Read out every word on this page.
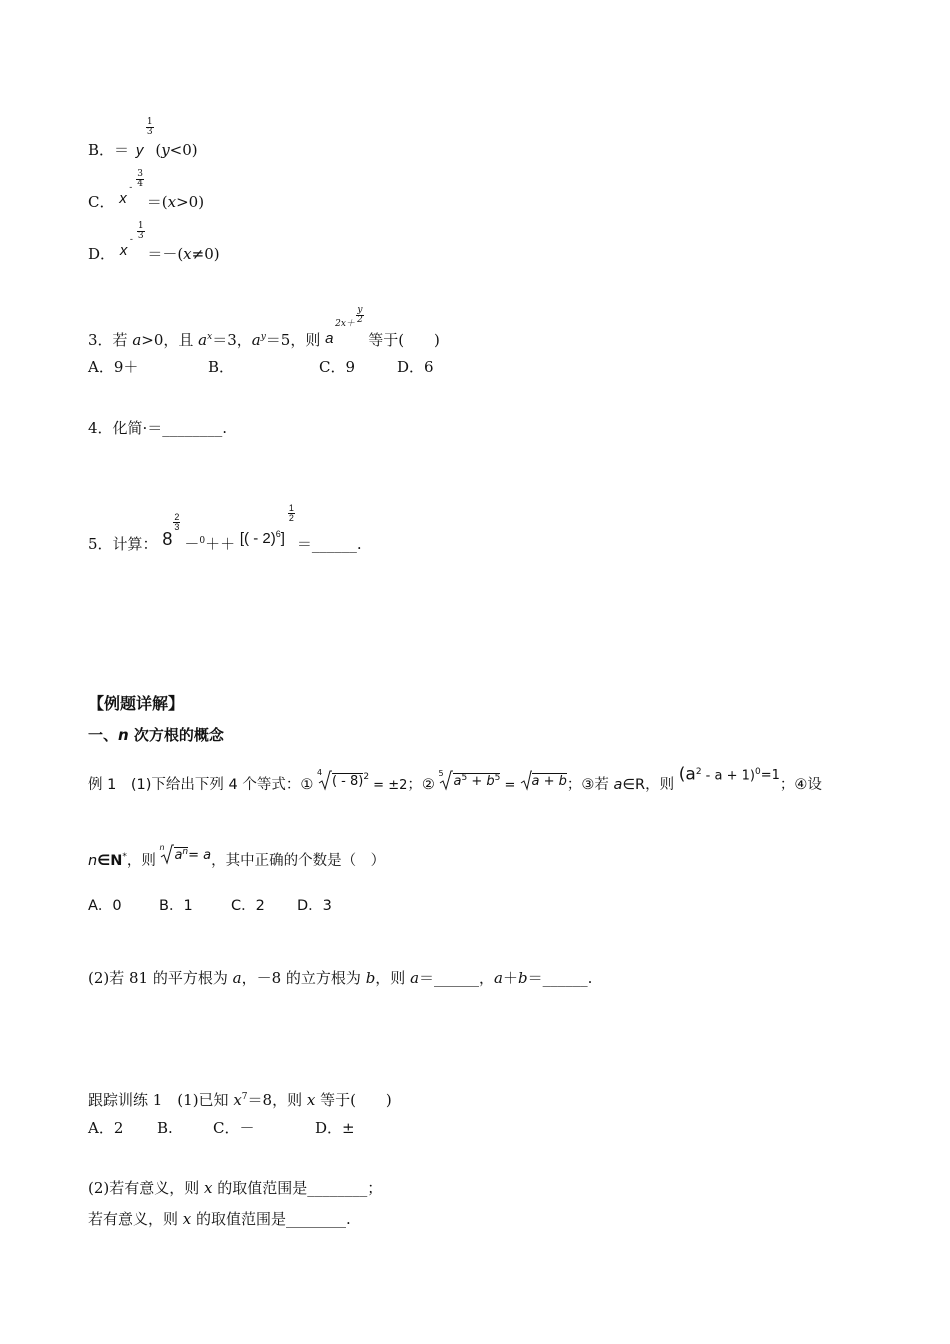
B．＝ y
$\frac{1}{3}$
(y<0)
C． x
- $\frac{3}{4}$
＝(x>0)
D． x
- $\frac{1}{3}$
＝－(x≠0)
3．若 a>0，且 $a^x=3$，$a^y=5$，则 a
$2x+ \frac{y}{2}$
等于(　　)
A．9＋	B．	C．9	D．6
4．化简·＝________.
5．计算： 8
$\frac{2}{3}$
－$^0$＋＋ [( - 2)$^6$]
$\frac{1}{2}$
＝______.
【例题详解】
一、n 次方根的概念
例 1　(1)下给出下列 4 个等式：①
4
( - 8)$^2$ = ±2；②
5
$a^5 + b^5 = a + b$；③若 a∈R，则 $(a^2 - a + 1)^0=1$；④设
n∈N*，则
n
$a^n= a$，其中正确的个数是（　）
A．0	B．1	C．2 D．3
(2)若 81 的平方根为 a，－8 的立方根为 b，则 a＝______，a＋b＝______.
跟踪训练 1　(1)已知 $x^7=8$，则 x 等于(　　)
A．2 B.	C．－	D．±
(2)若有意义，则 x 的取值范围是________；
若有意义，则 x 的取值范围是________.
